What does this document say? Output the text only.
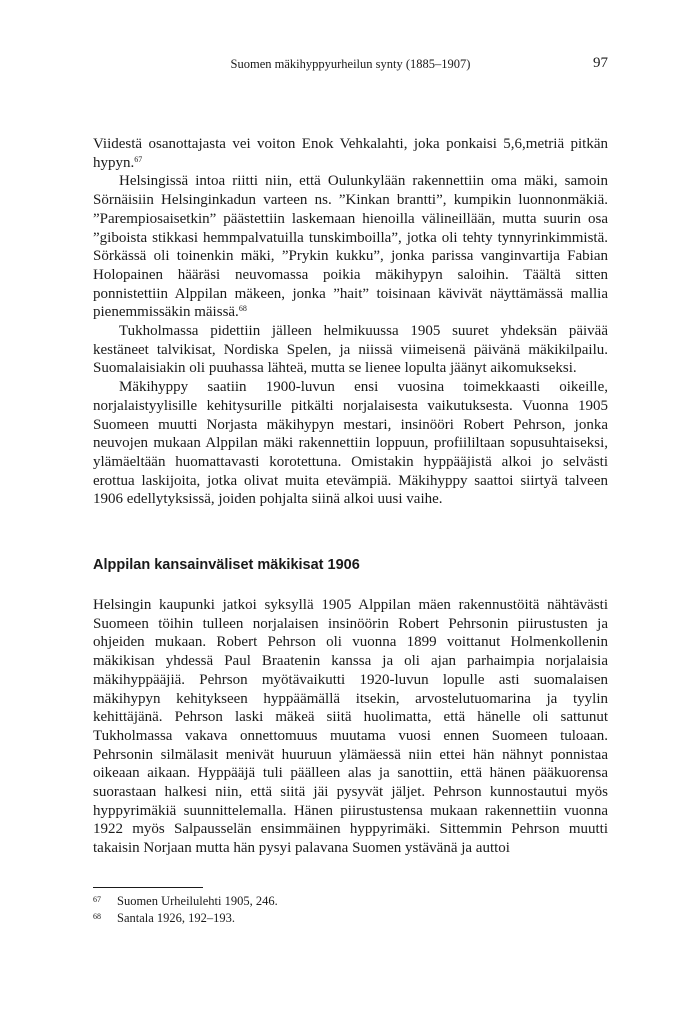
Suomen mäkihyppyurheilun synty (1885–1907)	97

Viidestä osanottajasta vei voiton Enok Vehkalahti, joka ponkaisi 5,6,metriä pitkän hypyn.$^{67}$

Helsingissä intoa riitti niin, että Oulunkylään rakennettiin oma mäki, samoin Sörnäisiin Helsinginkadun varteen ns. ”Kinkan brantti”, kumpikin luonnonmäkiä. ”Parempiosaisetkin” päästettiin laskemaan hienoilla välineillään, mutta suurin osa ”giboista stikkasi hemmpalvatuilla tunskimboilla”, jotka oli tehty tynnyrinkimmistä. Sörkässä oli toinenkin mäki, ”Prykin kukku”, jonka parissa vanginvartija Fabian Holopainen hääräsi neuvomassa poikia mäkihypyn saloihin. Täältä sitten ponnistettiin Alppilan mäkeen, jonka ”hait” toisinaan kävivät näyttämässä mallia pienemmissäkin mäissä.$^{68}$

Tukholmassa pidettiin jälleen helmikuussa 1905 suuret yhdeksän päivää kestäneet talvikisat, Nordiska Spelen, ja niissä viimeisenä päivänä mäkikilpailu. Suomalaisiakin oli puuhassa lähteä, mutta se lienee lopulta jäänyt aikomukseksi.

Mäkihyppy saatiin 1900-luvun ensi vuosina toimekkaasti oikeille, norjalaistyylisille kehitysurille pitkälti norjalaisesta vaikutuksesta. Vuonna 1905 Suomeen muutti Norjasta mäkihypyn mestari, insinööri Robert Pehrson, jonka neuvojen mukaan Alppilan mäki rakennettiin loppuun, profiililtaan sopusuhtaiseksi, ylämäeltään huomattavasti korotettuna. Omistakin hyppääjistä alkoi jo selvästi erottua laskijoita, jotka olivat muita etevämpiä. Mäkihyppy saattoi siirtyä talveen 1906 edellytyksissä, joiden pohjalta siinä alkoi uusi vaihe.

Alppilan kansainväliset mäkikisat 1906

Helsingin kaupunki jatkoi syksyllä 1905 Alppilan mäen rakennustöitä nähtävästi Suomeen töihin tulleen norjalaisen insinöörin Robert Pehrsonin piirustusten ja ohjeiden mukaan. Robert Pehrson oli vuonna 1899 voittanut Holmenkollenin mäkikisan yhdessä Paul Braatenin kanssa ja oli ajan parhaimpia norjalaisia mäkihyppääjiä. Pehrson myötävaikutti 1920-luvun lopulle asti suomalaisen mäkihypyn kehitykseen hyppäämällä itsekin, arvostelutuomarina ja tyylin kehittäjänä. Pehrson laski mäkeä siitä huolimatta, että hänelle oli sattunut Tukholmassa vakava onnettomuus muutama vuosi ennen Suomeen tuloaan. Pehrsonin silmälasit menivät huuruun ylämäessä niin ettei hän nähnyt ponnistaa oikeaan aikaan. Hyppääjä tuli päälleen alas ja sanottiin, että hänen pääkuorensa suorastaan halkesi niin, että siitä jäi pysyvät jäljet. Pehrson kunnostautui myös hyppyrimäkiä suunnittelemalla. Hänen piirustustensa mukaan rakennettiin vuonna 1922 myös Salpausselän ensimmäinen hyppyrimäki. Sittemmin Pehrson muutti takaisin Norjaan mutta hän pysyi palavana Suomen ystävänä ja auttoi

67 Suomen Urheilulehti 1905, 246.
68 Santala 1926, 192–193.
